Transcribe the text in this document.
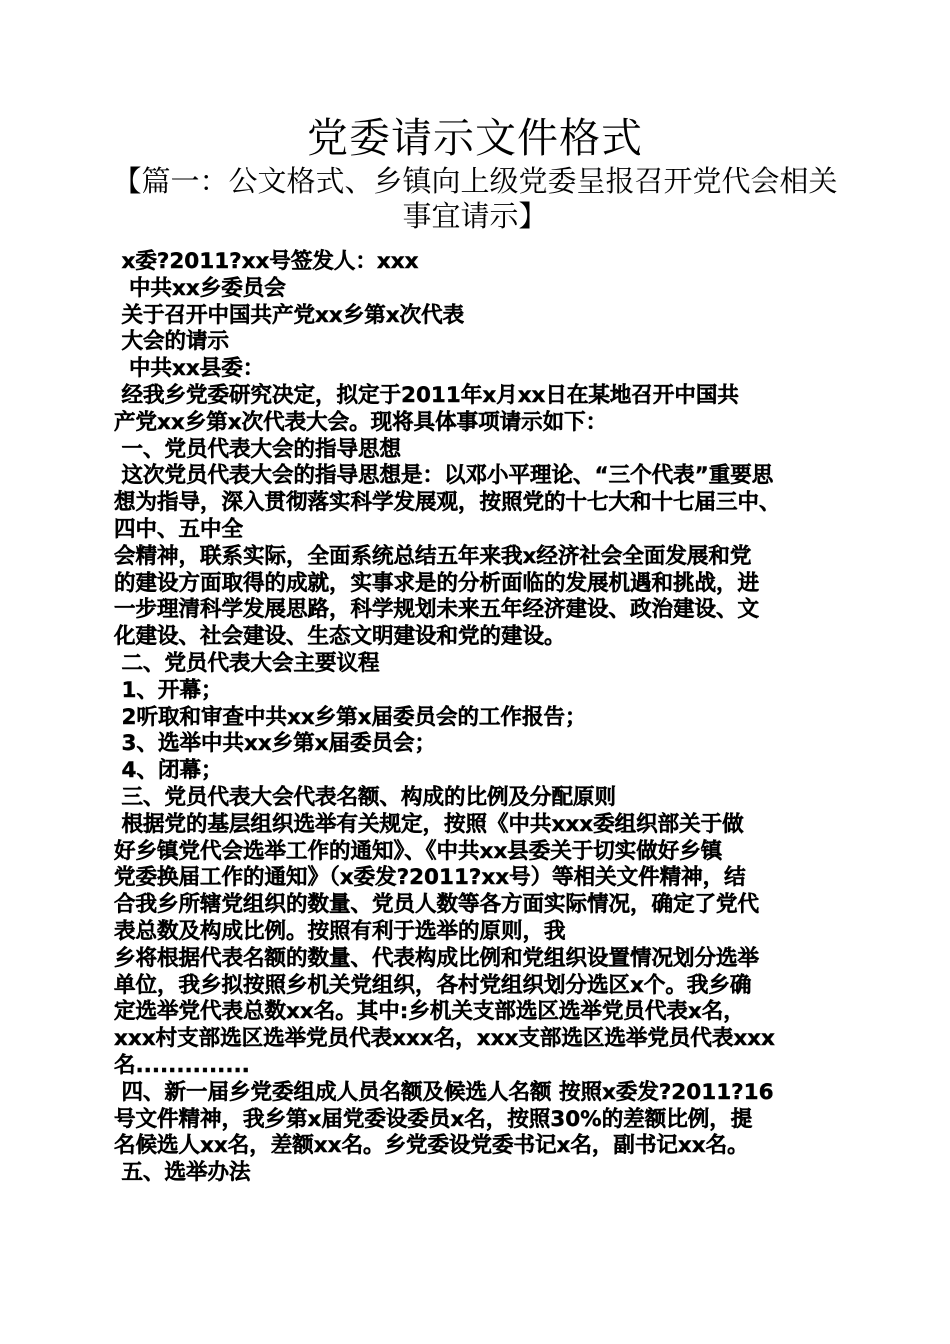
党委请示文件格式
【篇一：公文格式、乡镇向上级党委呈报召开党代会相关事宜请示】

x委?2011?xx号签发人：xxx

中共xx乡委员会

关于召开中国共产党xx乡第x次代表

大会的请示

中共xx县委：

经我乡党委研究决定，拟定于2011年x月xx日在某地召开中国共

产党xx乡第x次代表大会。现将具体事项请示如下：

一、党员代表大会的指导思想

这次党员代表大会的指导思想是：以邓小平理论、“三个代表”重要思

想为指导，深入贯彻落实科学发展观，按照党的十七大和十七届三中、

四中、五中全

会精神，联系实际，全面系统总结五年来我x经济社会全面发展和党

的建设方面取得的成就，实事求是的分析面临的发展机遇和挑战，进

一步理清科学发展思路，科学规划未来五年经济建设、政治建设、文

化建设、社会建设、生态文明建设和党的建设。

二、党员代表大会主要议程

1、开幕；

2听取和审查中共xx乡第x届委员会的工作报告；

3、选举中共xx乡第x届委员会；

4、闭幕；

三、党员代表大会代表名额、构成的比例及分配原则

根据党的基层组织选举有关规定，按照《中共xxx委组织部关于做

好乡镇党代会选举工作的通知》、《中共xx县委关于切实做好乡镇

党委换届工作的通知》（x委发?2011?xx号）等相关文件精神，结

合我乡所辖党组织的数量、党员人数等各方面实际情况，确定了党代

表总数及构成比例。按照有利于选举的原则，我

乡将根据代表名额的数量、代表构成比例和党组织设置情况划分选举

单位，我乡拟按照乡机关党组织，各村党组织划分选区x个。我乡确

定选举党代表总数xx名。其中:乡机关支部选区选举党员代表x名，

xxx村支部选区选举党员代表xxx名，xxx支部选区选举党员代表xxx

名..............

四、新一届乡党委组成人员名额及候选人名额 按照x委发?2011?16

号文件精神，我乡第x届党委设委员x名，按照30%的差额比例，提

名候选人xx名，差额xx名。乡党委设党委书记x名，副书记xx名。

五、选举办法
